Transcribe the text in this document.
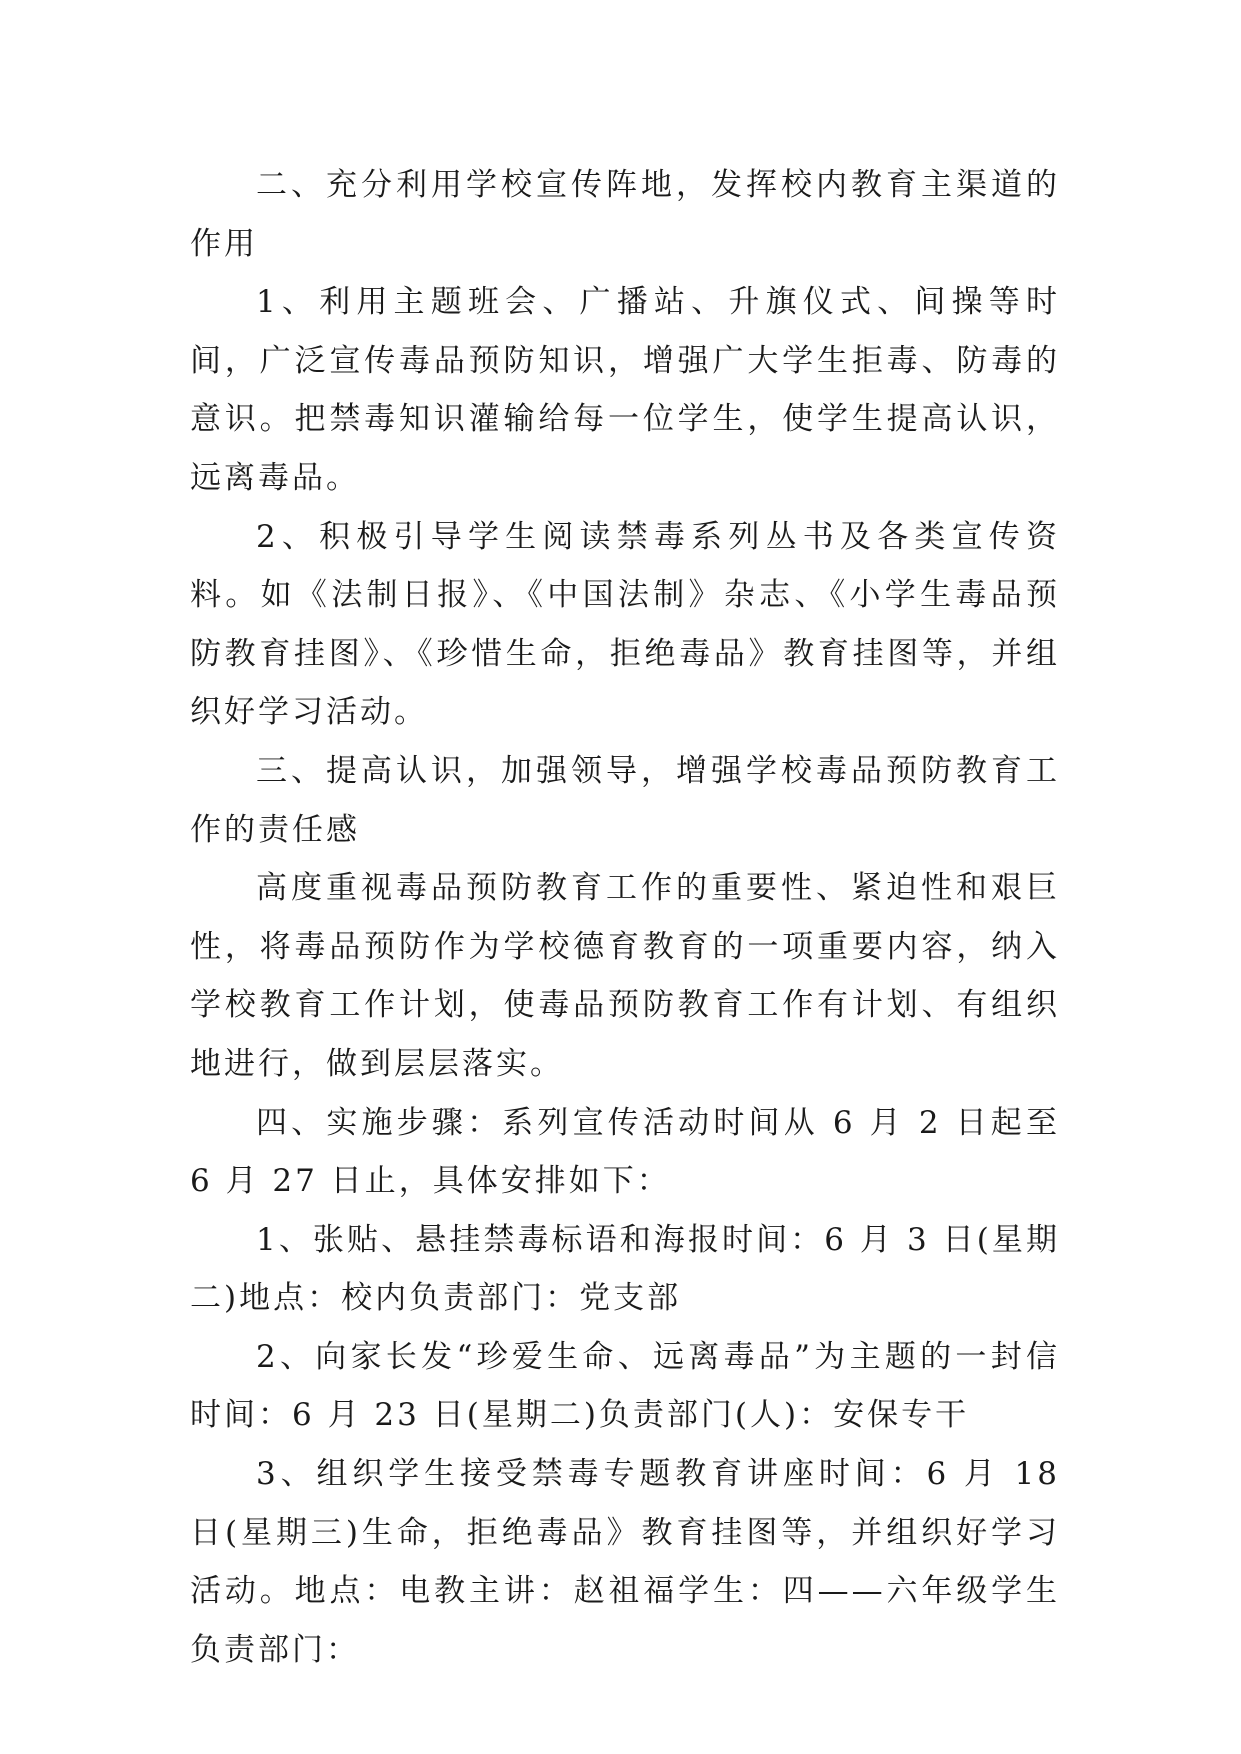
二、充分利用学校宣传阵地，发挥校内教育主渠道的作用

1、利用主题班会、广播站、升旗仪式、间操等时间，广泛宣传毒品预防知识，增强广大学生拒毒、防毒的意识。把禁毒知识灌输给每一位学生，使学生提高认识，远离毒品。

2、积极引导学生阅读禁毒系列丛书及各类宣传资料。如《法制日报》、《中国法制》杂志、《小学生毒品预防教育挂图》、《珍惜生命，拒绝毒品》教育挂图等，并组织好学习活动。

三、提高认识，加强领导，增强学校毒品预防教育工作的责任感

高度重视毒品预防教育工作的重要性、紧迫性和艰巨性，将毒品预防作为学校德育教育的一项重要内容，纳入学校教育工作计划，使毒品预防教育工作有计划、有组织地进行，做到层层落实。

四、实施步骤：系列宣传活动时间从 6 月 2 日起至 6 月 27 日止，具体安排如下：

1、张贴、悬挂禁毒标语和海报时间：6 月 3 日(星期二)地点：校内负责部门：党支部

2、向家长发“珍爱生命、远离毒品”为主题的一封信时间：6 月 23 日(星期二)负责部门(人)：安保专干

3、组织学生接受禁毒专题教育讲座时间：6 月 18 日(星期三)生命，拒绝毒品》教育挂图等，并组织好学习活动。地点：电教主讲：赵祖福学生：四——六年级学生负责部门：
